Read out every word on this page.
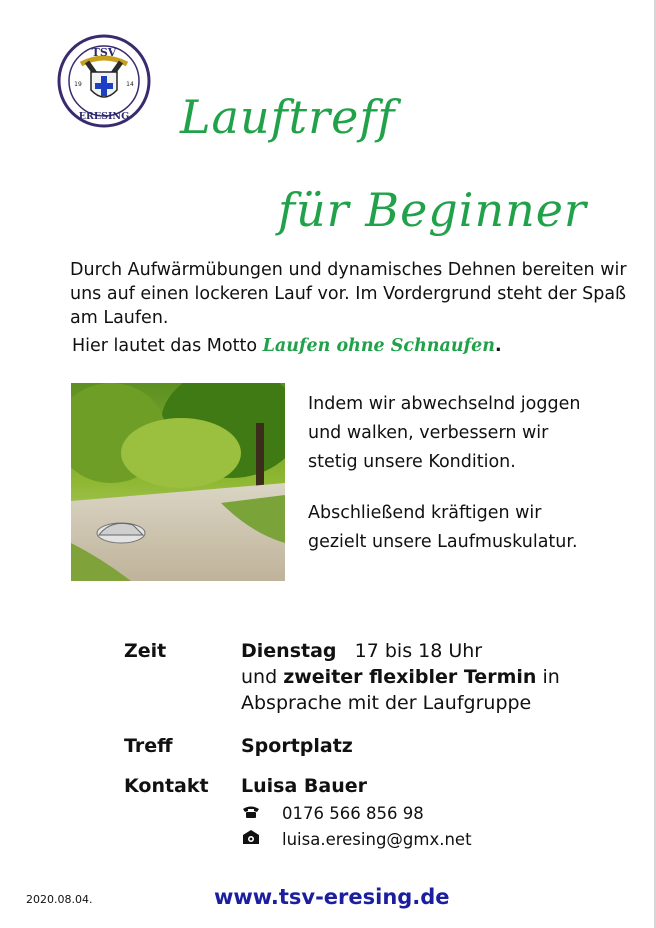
TSV
ERESING
19	14
Lauftreff
für Beginner
Durch Aufwärmübungen und dynamisches Dehnen bereiten wir uns auf einen lockeren Lauf vor. Im Vordergrund steht der Spaß am Laufen.
Hier lautet das Motto Laufen ohne Schnaufen.
Indem wir abwechselnd joggen
und walken, verbessern wir
stetig unsere Kondition.
Abschließend kräftigen wir
gezielt unsere Laufmuskulatur.
Zeit	Dienstag 17 bis 18 Uhr
und zweiter flexibler Termin in
Absprache mit der Laufgruppe
Treff	Sportplatz
Kontakt Luisa Bauer
0176 566 856 98
luisa.eresing@gmx.net
2020.08.04.	www.tsv-eresing.de
